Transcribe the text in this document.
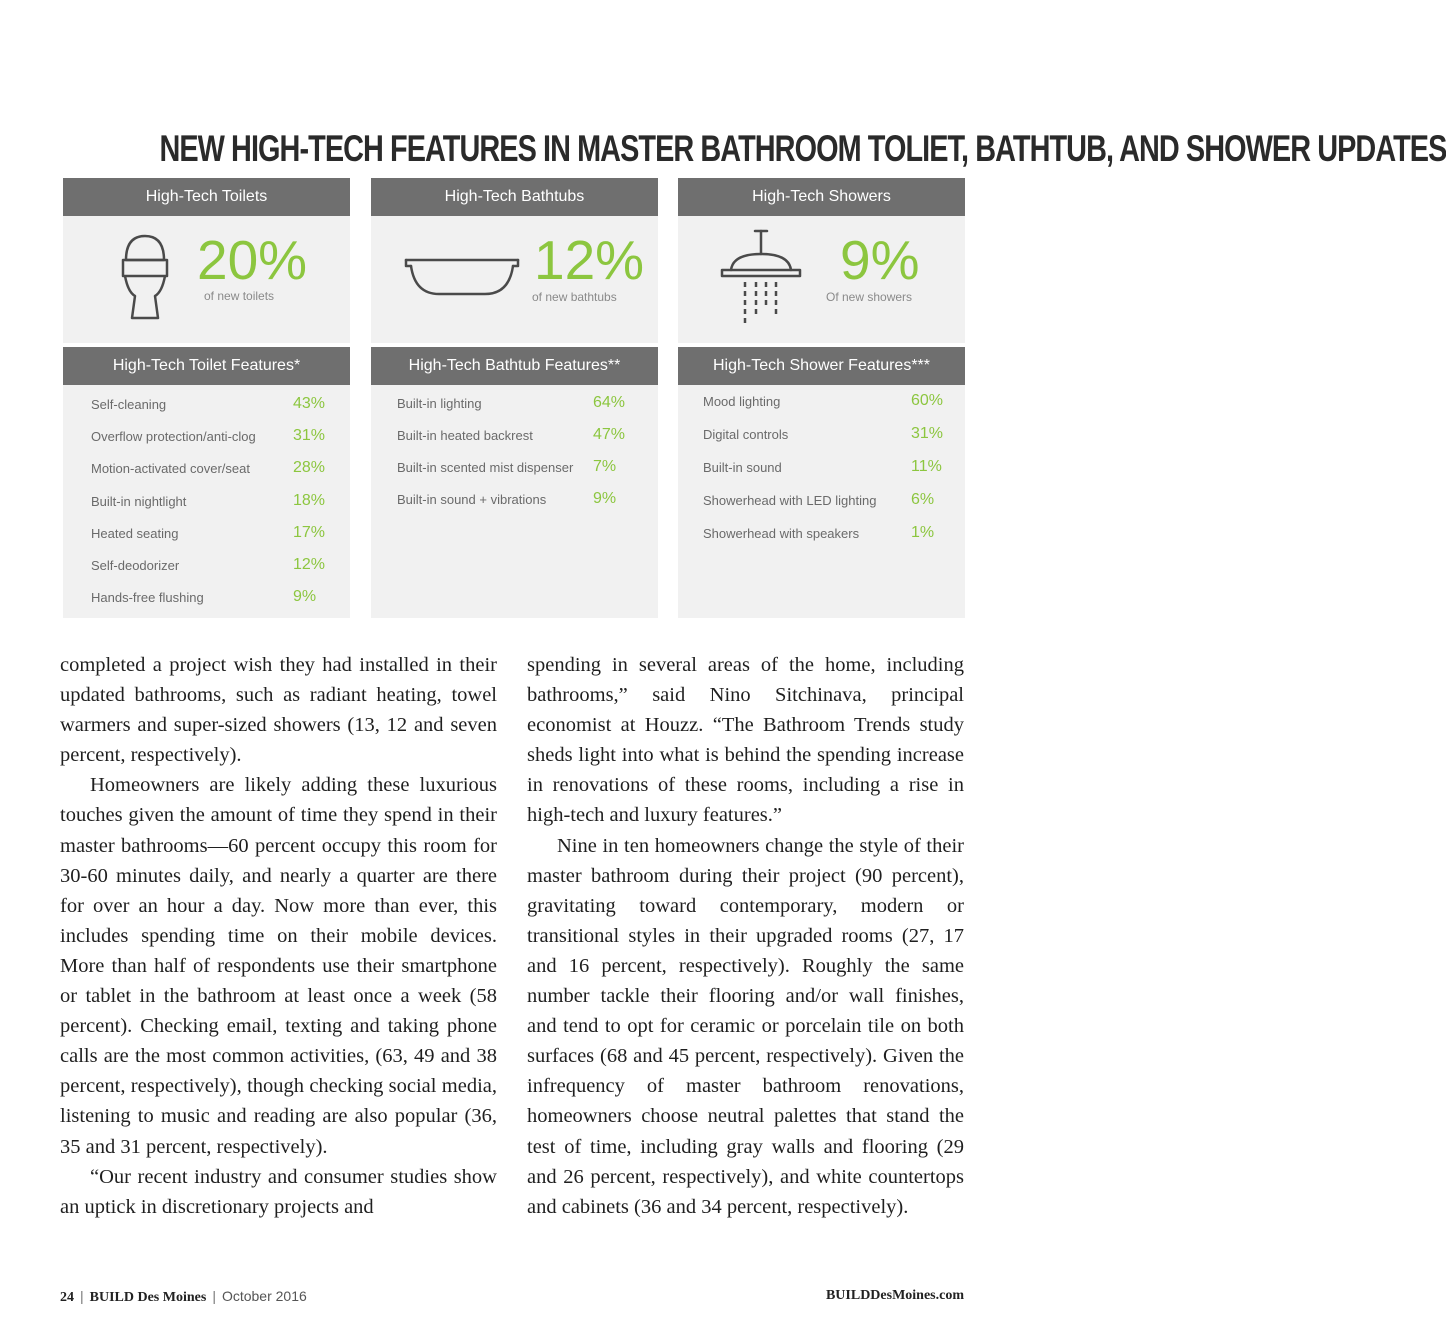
NEW HIGH-TECH FEATURES IN MASTER BATHROOM TOLIET, BATHTUB, AND SHOWER UPDATES
High-Tech Toilets
20%
of new toilets
High-Tech Bathtubs
12%
of new bathtubs
High-Tech Showers
9%
Of new showers
High-Tech Toilet Features*
Self-cleaning	43%
Overflow protection/anti-clog 31%
Motion-activated cover/seat	28%
Built-in nightlight	18%
Heated seating	17%
Self-deodorizer	12%
Hands-free flushing	9%
High-Tech Bathtub Features**
Built-in lighting	64%
Built-in heated backrest	47%
Built-in scented mist dispenser 7%
Built-in sound + vibrations	9%
High-Tech Shower Features***
Mood lighting	60%
Digital controls	31%
Built-in sound	11%
Showerhead with LED lighting 6%
Showerhead with speakers	1%

completed a project wish they had installed in their updated bathrooms, such as radiant heating, towel warmers and super-sized showers (13, 12 and seven percent, respectively).

Homeowners are likely adding these luxurious touches given the amount of time they spend in their master bathrooms—60 percent occupy this room for 30-60 minutes daily, and nearly a quarter are there for over an hour a day. Now more than ever, this includes spending time on their mobile devices. More than half of respondents use their smartphone or tablet in the bathroom at least once a week (58 percent). Checking email, texting and taking phone calls are the most common activities, (63, 49 and 38 percent, respectively), though checking social media, listening to music and reading are also popular (36, 35 and 31 percent, respectively).

“Our recent industry and consumer studies show an uptick in discretionary projects and

spending in several areas of the home, including bathrooms,” said Nino Sitchinava, principal economist at Houzz. “The Bathroom Trends study sheds light into what is behind the spending increase in renovations of these rooms, including a rise in high-tech and luxury features.”

Nine in ten homeowners change the style of their master bathroom during their project (90 percent), gravitating toward contemporary, modern or transitional styles in their upgraded rooms (27, 17 and 16 percent, respectively). Roughly the same number tackle their flooring and/or wall finishes, and tend to opt for ceramic or porcelain tile on both surfaces (68 and 45 percent, respectively). Given the infrequency of master bathroom renovations, homeowners choose neutral palettes that stand the test of time, including gray walls and flooring (29 and 26 percent, respectively), and white countertops and cabinets (36 and 34 percent, respectively).

24 | BUILD Des Moines | October 2016	BUILDDesMoines.com
